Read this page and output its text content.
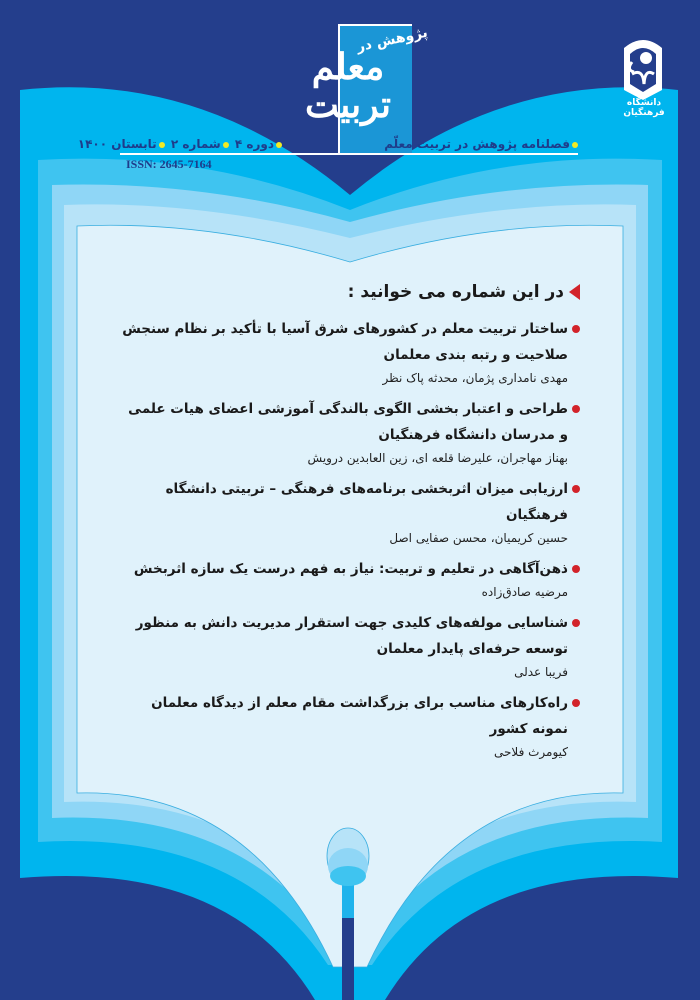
پژوهش در
معلم
تربیت	دانشگاه فرهنگیان
فصلنامه پژوهش در تربیت معلّم
دوره ۴ شماره ۲ تابستان ۱۴۰۰
ISSN: 2645-7164
در این شماره می خوانید :
ساختار تربیت معلم در کشورهای شرق آسیا با تأکید بر نظام سنجش صلاحیت و رتبه بندی معلمان
مهدی نامداری پژمان، محدثه پاک نظر
طراحی و اعتبار بخشی الگوی بالندگی آموزشی اعضای هیات علمی و مدرسان دانشگاه فرهنگیان
بهناز مهاجران، علیرضا قلعه ای، زین العابدین درویش
ارزیابی میزان اثربخشی برنامه‌های فرهنگی – تربیتی دانشگاه فرهنگیان
حسین کریمیان، محسن صفایی اصل
ذهن‌آگاهی در تعلیم و تربیت: نیاز به فهم درست یک سازه اثربخش
مرضیه صادق‌زاده
شناسایی مولفه‌های کلیدی جهت استقرار مدیریت دانش به منظور توسعه حرفه‌ای پایدار معلمان
فریبا عدلی
راه‌کارهای مناسب برای بزرگداشت مقام معلم از دیدگاه معلمان نمونه کشور
کیومرث فلاحی
